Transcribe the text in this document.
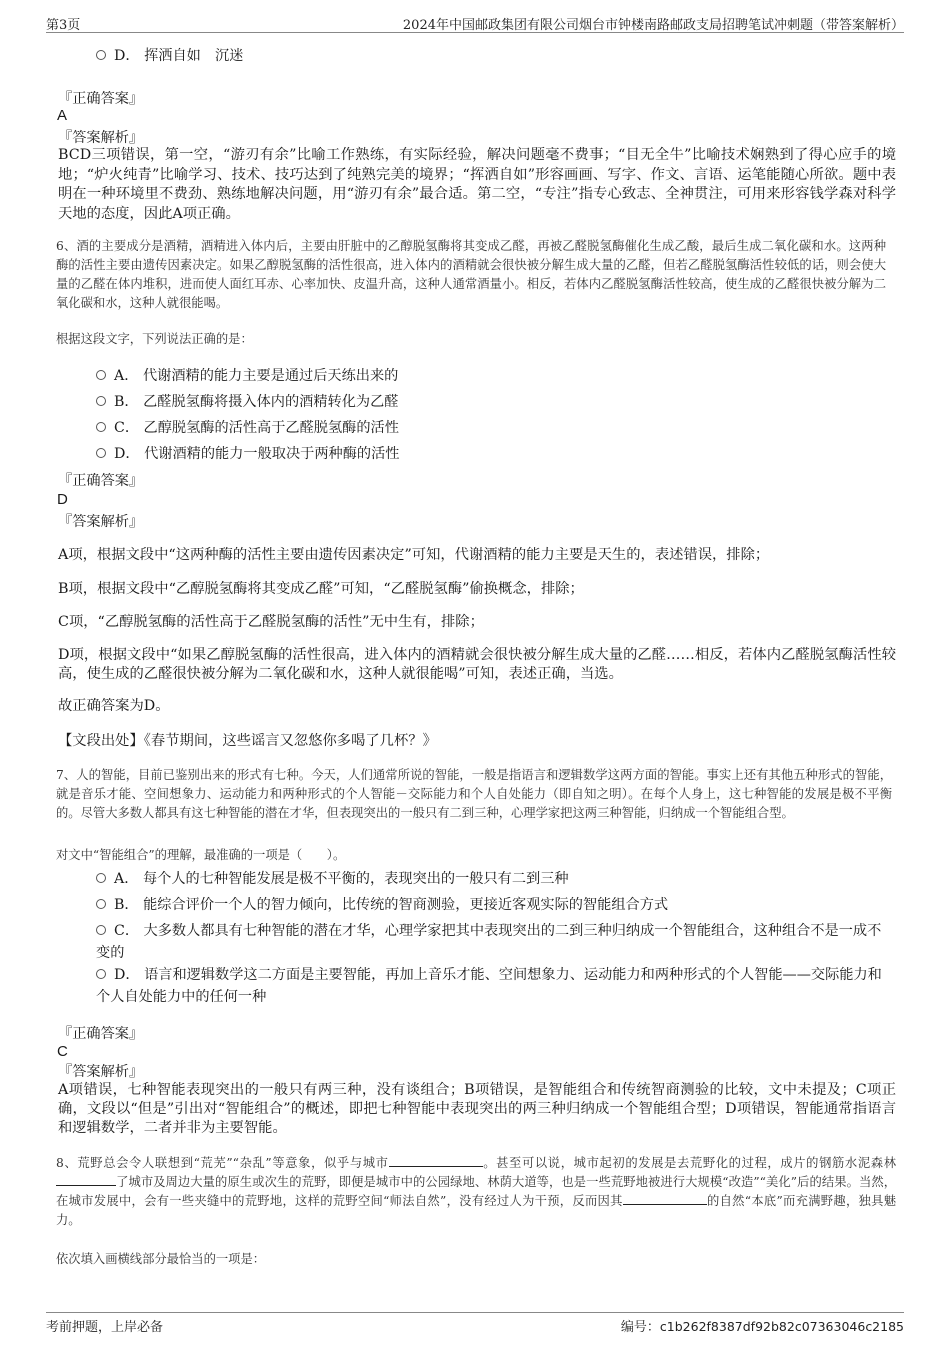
第3页	2024年中国邮政集团有限公司烟台市钟楼南路邮政支局招聘笔试冲刺题（带答案解析）
D． 挥洒自如　沉迷
『正确答案』
A
『答案解析』
BCD三项错误，第一空，“游刃有余”比喻工作熟练，有实际经验，解决问题毫不费事；“目无全牛”比喻技术娴熟到了得心应手的境地；“炉火纯青”比喻学习、技术、技巧达到了纯熟完美的境界；“挥洒自如”形容画画、写字、作文、言语、运笔能随心所欲。题中表明在一种环境里不费劲、熟练地解决问题，用“游刃有余”最合适。第二空，“专注”指专心致志、全神贯注，可用来形容钱学森对科学天地的态度，因此A项正确。
6、酒的主要成分是酒精，酒精进入体内后，主要由肝脏中的乙醇脱氢酶将其变成乙醛，再被乙醛脱氢酶催化生成乙酸，最后生成二氧化碳和水。这两种酶的活性主要由遗传因素决定。如果乙醇脱氢酶的活性很高，进入体内的酒精就会很快被分解生成大量的乙醛，但若乙醛脱氢酶活性较低的话，则会使大量的乙醛在体内堆积，进而使人面红耳赤、心率加快、皮温升高，这种人通常酒量小。相反，若体内乙醛脱氢酶活性较高，使生成的乙醛很快被分解为二氧化碳和水，这种人就很能喝。
根据这段文字，下列说法正确的是：
A． 代谢酒精的能力主要是通过后天练出来的
B． 乙醛脱氢酶将摄入体内的酒精转化为乙醛
C． 乙醇脱氢酶的活性高于乙醛脱氢酶的活性
D． 代谢酒精的能力一般取决于两种酶的活性
『正确答案』
D
『答案解析』
A项，根据文段中“这两种酶的活性主要由遗传因素决定”可知，代谢酒精的能力主要是天生的，表述错误，排除；
B项，根据文段中“乙醇脱氢酶将其变成乙醛”可知，“乙醛脱氢酶”偷换概念，排除；
C项，“乙醇脱氢酶的活性高于乙醛脱氢酶的活性”无中生有，排除；
D项，根据文段中“如果乙醇脱氢酶的活性很高，进入体内的酒精就会很快被分解生成大量的乙醛……相反，若体内乙醛脱氢酶活性较高，使生成的乙醛很快被分解为二氧化碳和水，这种人就很能喝”可知，表述正确，当选。
故正确答案为D。
【文段出处】《春节期间，这些谣言又忽悠你多喝了几杯？》
7、人的智能，目前已鉴别出来的形式有七种。今天，人们通常所说的智能，一般是指语言和逻辑数学这两方面的智能。事实上还有其他五种形式的智能，就是音乐才能、空间想象力、运动能力和两种形式的个人智能－交际能力和个人自处能力（即自知之明）。在每个人身上，这七种智能的发展是极不平衡的。尽管大多数人都具有这七种智能的潜在才华，但表现突出的一般只有二到三种，心理学家把这两三种智能，归纳成一个智能组合型。
对文中“智能组合”的理解，最准确的一项是（　　）。
A． 每个人的七种智能发展是极不平衡的，表现突出的一般只有二到三种
B． 能综合评价一个人的智力倾向，比传统的智商测验，更接近客观实际的智能组合方式
C． 大多数人都具有七种智能的潜在才华，心理学家把其中表现突出的二到三种归纳成一个智能组合，这种组合不是一成不变的
D． 语言和逻辑数学这二方面是主要智能，再加上音乐才能、空间想象力、运动能力和两种形式的个人智能——交际能力和个人自处能力中的任何一种
『正确答案』
C
『答案解析』
A项错误，七种智能表现突出的一般只有两三种，没有谈组合；B项错误，是智能组合和传统智商测验的比较，文中未提及；C项正确，文段以“但是”引出对“智能组合”的概述，即把七种智能中表现突出的两三种归纳成一个智能组合型；D项错误，智能通常指语言和逻辑数学，二者并非为主要智能。
8、荒野总会令人联想到“荒芜”“杂乱”等意象，似乎与城市	。甚至可以说，城市起初的发展是去荒野化的过程，成片的钢筋水泥森林了城市及周边大量的原生或次生的荒野，即便是城市中的公园绿地、林荫大道等，也是一些荒野地被进行大规模“改造”“美化”后的结果。当然，在城市发展中，会有一些夹缝中的荒野地，这样的荒野空间“师法自然”，没有经过人为干预，反而因其	的自然“本底”而充满野趣，独具魅力。
依次填入画横线部分最恰当的一项是：
考前押题，上岸必备	编号：c1b262f8387df92b82c07363046c2185
